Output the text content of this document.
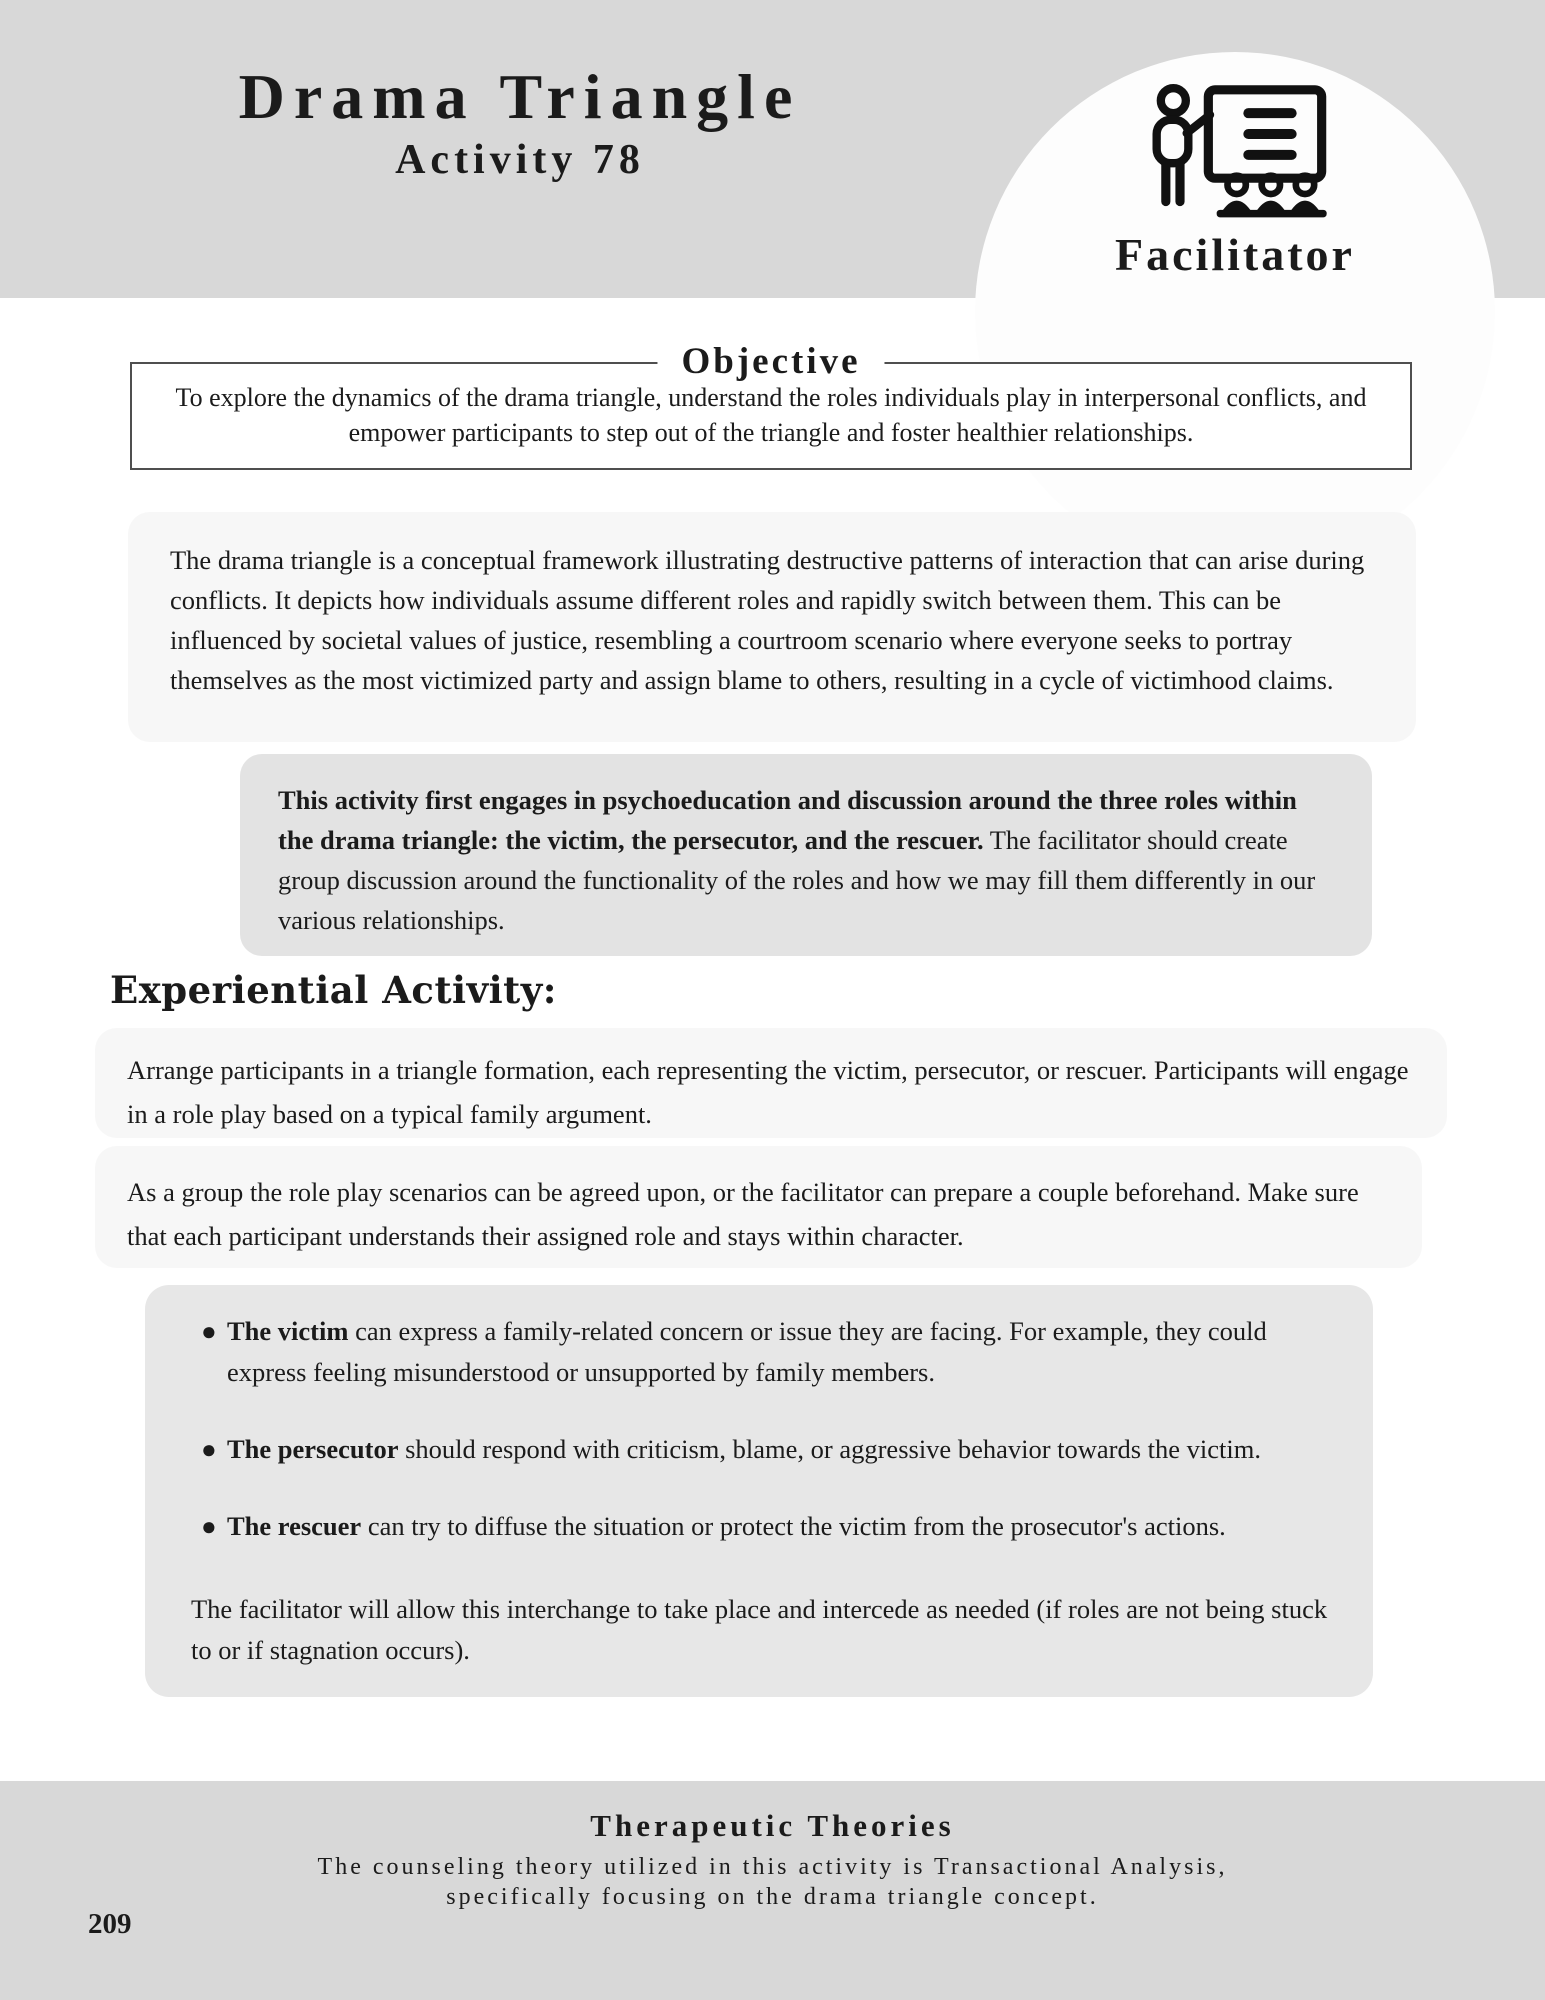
Drama Triangle
Activity 78
Facilitator
Objective
To explore the dynamics of the drama triangle, understand the roles individuals play in interpersonal conflicts, and empower participants to step out of the triangle and foster healthier relationships.
The drama triangle is a conceptual framework illustrating destructive patterns of interaction that can arise during conflicts. It depicts how individuals assume different roles and rapidly switch between them. This can be influenced by societal values of justice, resembling a courtroom scenario where everyone seeks to portray themselves as the most victimized party and assign blame to others, resulting in a cycle of victimhood claims.
This activity first engages in psychoeducation and discussion around the three roles within the drama triangle: the victim, the persecutor, and the rescuer. The facilitator should create group discussion around the functionality of the roles and how we may fill them differently in our various relationships.
Experiential Activity:
Arrange participants in a triangle formation, each representing the victim, persecutor, or rescuer. Participants will engage in a role play based on a typical family argument.
As a group the role play scenarios can be agreed upon, or the facilitator can prepare a couple beforehand. Make sure that each participant understands their assigned role and stays within character.
● The victim can express a family-related concern or issue they are facing. For example, they could express feeling misunderstood or unsupported by family members.
● The persecutor should respond with criticism, blame, or aggressive behavior towards the victim.
● The rescuer can try to diffuse the situation or protect the victim from the prosecutor's actions.

The facilitator will allow this interchange to take place and intercede as needed (if roles are not being stuck to or if stagnation occurs).

Therapeutic Theories
The counseling theory utilized in this activity is Transactional Analysis,
specifically focusing on the drama triangle concept.
209
